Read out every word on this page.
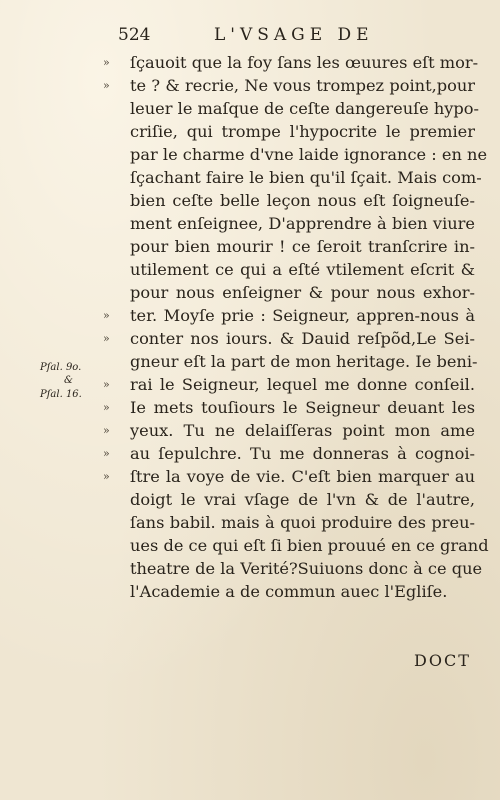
524	L'VSAGE DE
»
»
»
»
»
»
»
»
»
Pſal. 9o.
&
Pſal. 16.
ſçauoit que la foy ſans les œuures eſt mor-
te ? & recrie, Ne vous trompez point,pour
leuer le maſque de ceſte dangereuſe hypo-
criſie, qui trompe l'hypocrite le premier
par le charme d'vne laide ignorance : en ne
ſçachant faire le bien qu'il ſçait. Mais com-
bien ceſte belle leçon nous eſt ſoigneuſe-
ment enſeignee, D'apprendre à bien viure
pour bien mourir ! ce ſeroit tranſcrire in-
utilement ce qui a eſté vtilement eſcrit &
pour nous enſeigner & pour nous exhor-
ter. Moyſe prie : Seigneur, appren-nous à
conter nos iours. & Dauid reſpõd,Le Sei-
gneur eſt la part de mon heritage. Ie beni-
rai le Seigneur, lequel me donne conſeil.
Ie mets touſiours le Seigneur deuant les
yeux. Tu ne delaiſſeras point mon ame
au ſepulchre. Tu me donneras à cognoi-
ſtre la voye de vie. C'eſt bien marquer au
doigt le vrai vſage de l'vn & de l'autre,
ſans babil. mais à quoi produire des preu-
ues de ce qui eſt ſi bien prouué en ce grand
theatre de la Verité?Suiuons donc à ce que
l'Academie a de commun auec l'Egliſe.
DOCT
